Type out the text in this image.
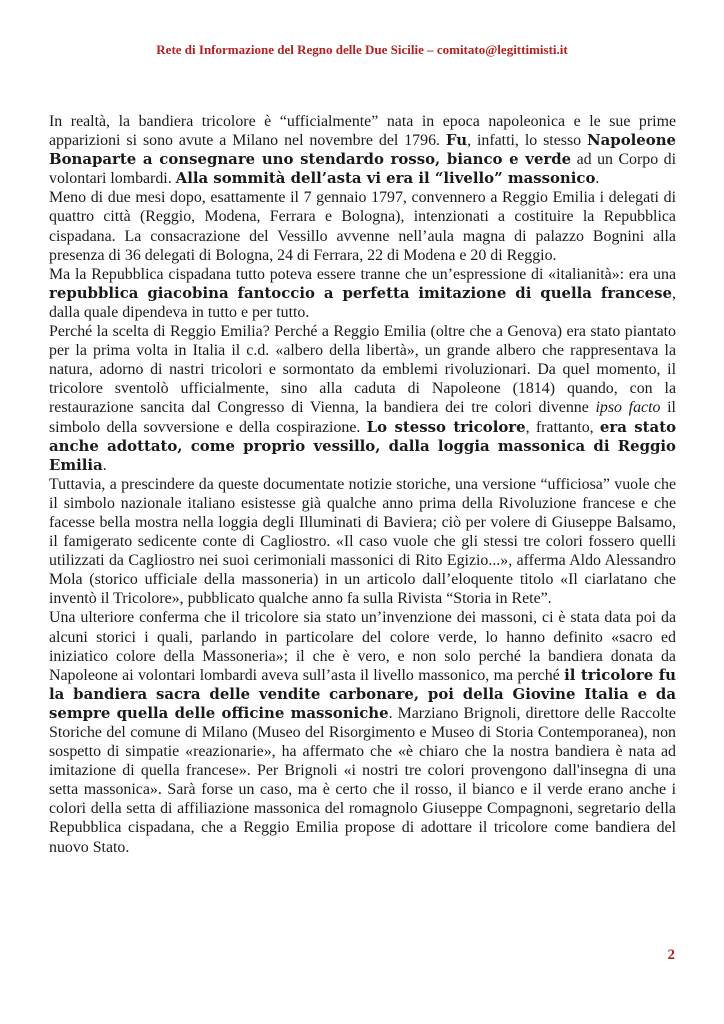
Rete di Informazione del Regno delle Due Sicilie – comitato@legittimisti.it

In realtà, la bandiera tricolore è “ufficialmente” nata in epoca napoleonica e le sue prime apparizioni si sono avute a Milano nel novembre del 1796. Fu, infatti, lo stesso Napoleone Bonaparte a consegnare uno stendardo rosso, bianco e verde ad un Corpo di volontari lombardi. Alla sommità dell’asta vi era il “livello” massonico.

Meno di due mesi dopo, esattamente il 7 gennaio 1797, convennero a Reggio Emilia i delegati di quattro città (Reggio, Modena, Ferrara e Bologna), intenzionati a costituire la Repubblica cispadana. La consacrazione del Vessillo avvenne nell’aula magna di palazzo Bognini alla presenza di 36 delegati di Bologna, 24 di Ferrara, 22 di Modena e 20 di Reggio.

Ma la Repubblica cispadana tutto poteva essere tranne che un’espressione di «italianità»: era una repubblica giacobina fantoccio a perfetta imitazione di quella francese, dalla quale dipendeva in tutto e per tutto.

Perché la scelta di Reggio Emilia? Perché a Reggio Emilia (oltre che a Genova) era stato piantato per la prima volta in Italia il c.d. «albero della libertà», un grande albero che rappresentava la natura, adorno di nastri tricolori e sormontato da emblemi rivoluzionari. Da quel momento, il tricolore sventolò ufficialmente, sino alla caduta di Napoleone (1814) quando, con la restaurazione sancita dal Congresso di Vienna, la bandiera dei tre colori divenne ipso facto il simbolo della sovversione e della cospirazione. Lo stesso tricolore, frattanto, era stato anche adottato, come proprio vessillo, dalla loggia massonica di Reggio Emilia.

Tuttavia, a prescindere da queste documentate notizie storiche, una versione “ufficiosa” vuole che il simbolo nazionale italiano esistesse già qualche anno prima della Rivoluzione francese e che facesse bella mostra nella loggia degli Illuminati di Baviera; ciò per volere di Giuseppe Balsamo, il famigerato sedicente conte di Cagliostro. «Il caso vuole che gli stessi tre colori fossero quelli utilizzati da Cagliostro nei suoi cerimoniali massonici di Rito Egizio...», afferma Aldo Alessandro Mola (storico ufficiale della massoneria) in un articolo dall’eloquente titolo «Il ciarlatano che inventò il Tricolore», pubblicato qualche anno fa sulla Rivista “Storia in Rete”.

Una ulteriore conferma che il tricolore sia stato un’invenzione dei massoni, ci è stata data poi da alcuni storici i quali, parlando in particolare del colore verde, lo hanno definito «sacro ed iniziatico colore della Massoneria»; il che è vero, e non solo perché la bandiera donata da Napoleone ai volontari lombardi aveva sull’asta il livello massonico, ma perché il tricolore fu la bandiera sacra delle vendite carbonare, poi della Giovine Italia e da sempre quella delle officine massoniche. Marziano Brignoli, direttore delle Raccolte Storiche del comune di Milano (Museo del Risorgimento e Museo di Storia Contemporanea), non sospetto di simpatie «reazionarie», ha affermato che «è chiaro che la nostra bandiera è nata ad imitazione di quella francese». Per Brignoli «i nostri tre colori provengono dall'insegna di una setta massonica». Sarà forse un caso, ma è certo che il rosso, il bianco e il verde erano anche i colori della setta di affiliazione massonica del romagnolo Giuseppe Compagnoni, segretario della Repubblica cispadana, che a Reggio Emilia propose di adottare il tricolore come bandiera del nuovo Stato.

2
